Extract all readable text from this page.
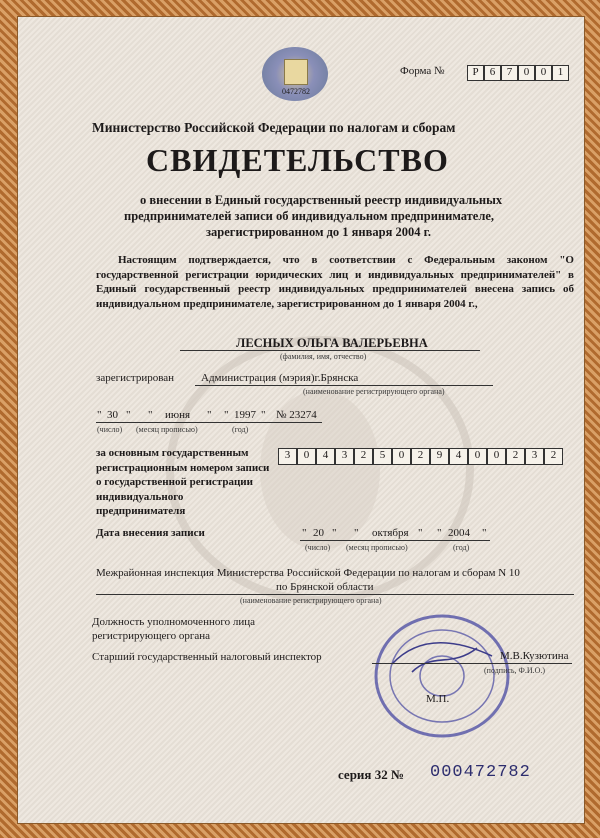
0472782
Форма №	Р 6 7 0 0 1
Министерство Российской Федерации по налогам и сборам
СВИДЕТЕЛЬСТВО
о внесении в Единый государственный реестр индивидуальных
предпринимателей записи об индивидуальном предпринимателе,
зарегистрированном до 1 января 2004 г.
Настоящим подтверждается, что в соответствии с Федеральным законом "О государственной регистрации юридических лиц и индивидуальных предпринимателей" в Единый государственный реестр индивидуальных предпринимателей внесена запись об индивидуальном предпринимателе, зарегистрированном до 1 января 2004 г.,
ЛЕСНЫХ ОЛЬГА ВАЛЕРЬЕВНА
(фамилия, имя, отчество)
зарегистрирован Администрация (мэрия)г.Брянска
(наименование регистрирующего органа)
" 30 " " июня " " 1997 " № 23274
(число) (месяц прописью)	(год)
за основным государственным регистрационным номером записи о государственной регистрации индивидуального предпринимателя
3 0 4 3 2 5 0 2 9 4 0 0 2 3 2
Дата внесения записи	" 20 " " октября " " 2004 "
(число) (месяц прописью)	(год)
Межрайонная инспекция Министерства Российской Федерации по налогам и сборам N 10
по Брянской области
(наименование регистрирующего органа)
Должность уполномоченного лица
регистрирующего органа
Старший государственный налоговый инспектор	М.В.Кузютина
(подпись, Ф.И.О.)
М.П.
серия 32 № 000472782
